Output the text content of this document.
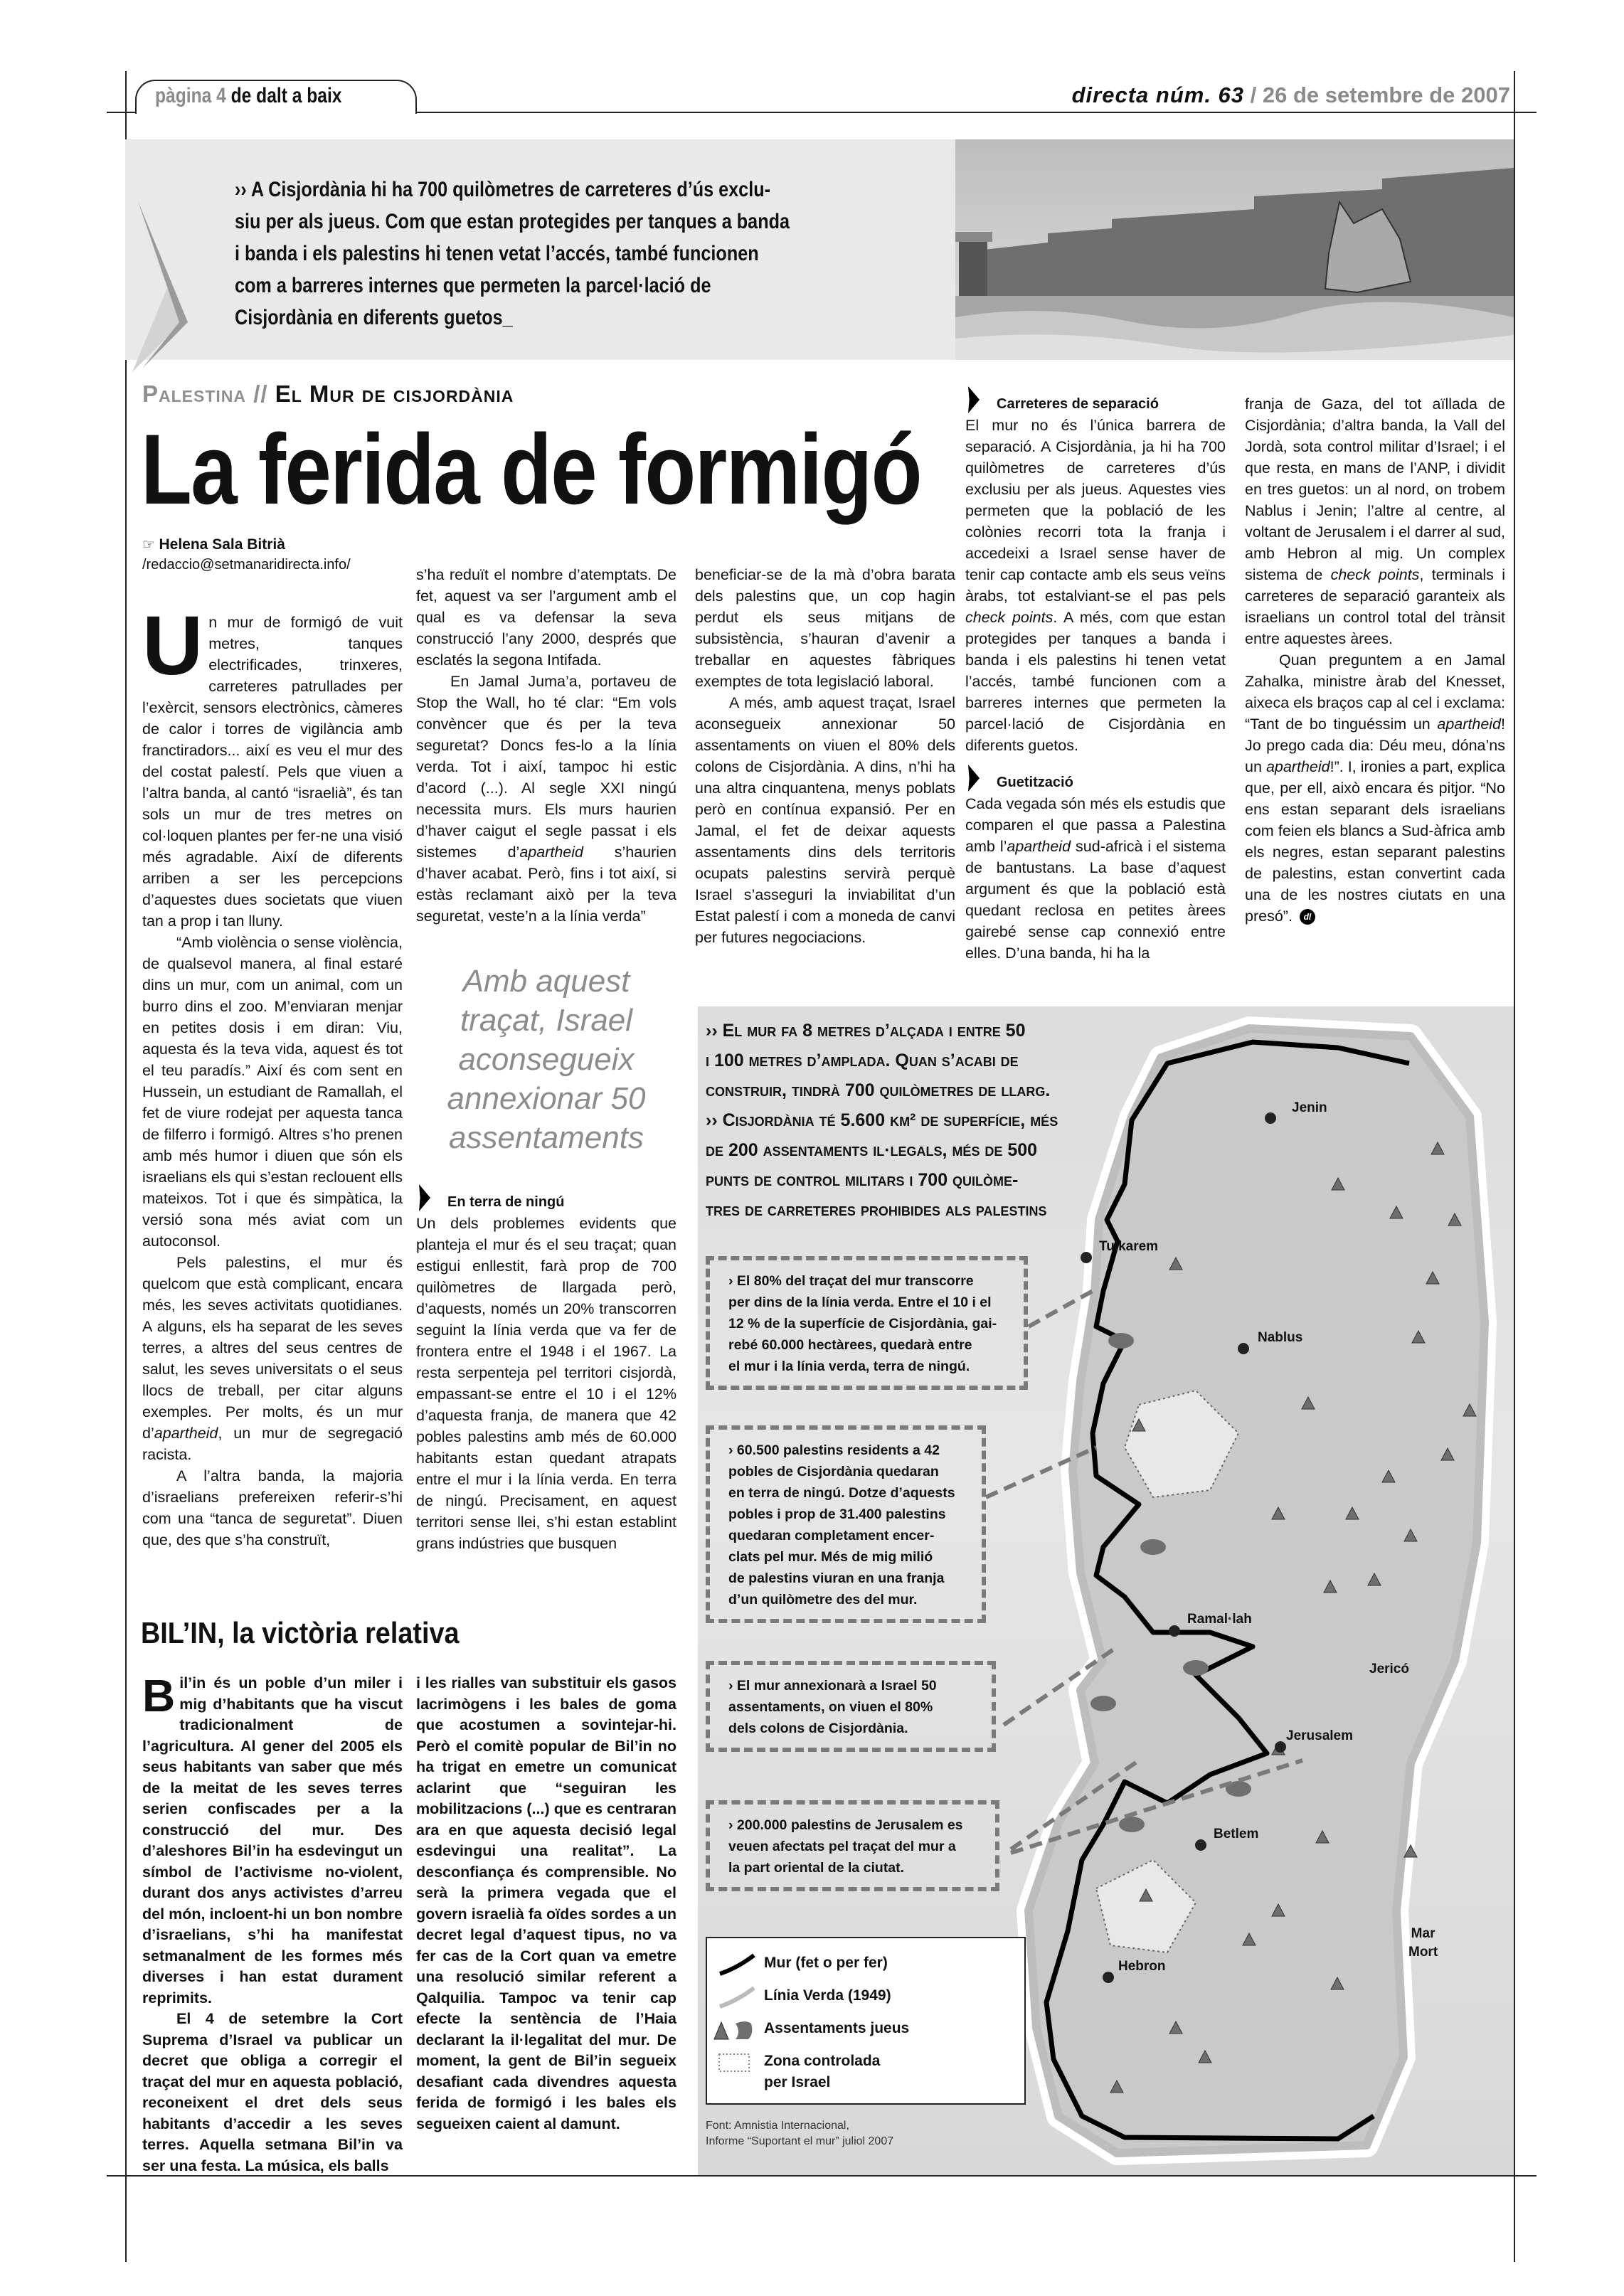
pàgina 4 de dalt a baix	directa núm. 63 / 26 de setembre de 2007
›› A Cisjordània hi ha 700 quilòmetres de carreteres d’ús exclu-
siu per als jueus. Com que estan protegides per tanques a banda
i banda i els palestins hi tenen vetat l’accés, també funcionen
com a barreres internes que permeten la parcel·lació de
Cisjordània en diferents guetos_
Palestina // El Mur de cisjordània
La ferida de formigó
☞ Helena Sala Bitrià
/redaccio@setmanaridirecta.info/

Un mur de formigó de vuit metres, tanques electrificades, trinxeres, carreteres patrullades per l’exèrcit, sensors electrònics, càmeres de calor i torres de vigilància amb franctiradors... així es veu el mur des del costat palestí. Pels que viuen a l’altra banda, al cantó “israelià”, és tan sols un mur de tres metres on col·loquen plantes per fer-ne una visió més agradable. Així de diferents arriben a ser les percepcions d’aquestes dues societats que viuen tan a prop i tan lluny.

“Amb violència o sense violència, de qualsevol manera, al final estaré dins un mur, com un animal, com un burro dins el zoo. M’enviaran menjar en petites dosis i em diran: Viu, aquesta és la teva vida, aquest és tot el teu paradís.” Així és com sent en Hussein, un estudiant de Ramallah, el fet de viure rodejat per aquesta tanca de filferro i formigó. Altres s’ho prenen amb més humor i diuen que són els israelians els qui s’estan reclouent ells mateixos. Tot i que és simpàtica, la versió sona més aviat com un autoconsol.

Pels palestins, el mur és quelcom que està complicant, encara més, les seves activitats quotidianes. A alguns, els ha separat de les seves terres, a altres del seus centres de salut, les seves universitats o el seus llocs de treball, per citar alguns exemples. Per molts, és un mur d’apartheid, un mur de segregació racista.

A l’altra banda, la majoria d’israelians prefereixen referir-s’hi com una “tanca de seguretat”. Diuen que, des que s’ha construït,

s’ha reduït el nombre d’atemptats. De fet, aquest va ser l’argument amb el qual es va defensar la seva construcció l’any 2000, després que esclatés la segona Intifada.

En Jamal Juma’a, portaveu de Stop the Wall, ho té clar: “Em vols convèncer que és per la teva seguretat? Doncs fes-lo a la línia verda. Tot i així, tampoc hi estic d’acord (...). Al segle XXI ningú necessita murs. Els murs haurien d’haver caigut el segle passat i els sistemes d’apartheid s’haurien d’haver acabat. Però, fins i tot així, si estàs reclamant això per la teva seguretat, veste’n a la línia verda”

Amb aquest traçat, Israel aconsegueix annexionar 50 assentaments
En terra de ningú

Un dels problemes evidents que planteja el mur és el seu traçat; quan estigui enllestit, farà prop de 700 quilòmetres de llargada però, d’aquests, només un 20% transcorren seguint la línia verda que va fer de frontera entre el 1948 i el 1967. La resta serpenteja pel territori cisjordà, empassant-se entre el 10 i el 12% d’aquesta franja, de manera que 42 pobles palestins amb més de 60.000 habitants estan quedant atrapats entre el mur i la línia verda. En terra de ningú. Precisament, en aquest territori sense llei, s’hi estan establint grans indústries que busquen

beneficiar-se de la mà d’obra barata dels palestins que, un cop hagin perdut els seus mitjans de subsistència, s’hauran d’avenir a treballar en aquestes fàbriques exemptes de tota legislació laboral.

A més, amb aquest traçat, Israel aconsegueix annexionar 50 assentaments on viuen el 80% dels colons de Cisjordània. A dins, n’hi ha una altra cinquantena, menys poblats però en contínua expansió. Per en Jamal, el fet de deixar aquests assentaments dins dels territoris ocupats palestins servirà perquè Israel s’asseguri la inviabilitat d’un Estat palestí i com a moneda de canvi per futures negociacions.

Carreteres de separació

El mur no és l’única barrera de separació. A Cisjordània, ja hi ha 700 quilòmetres de carreteres d’ús exclusiu per als jueus. Aquestes vies permeten que la població de les colònies recorri tota la franja i accedeixi a Israel sense haver de tenir cap contacte amb els seus veïns àrabs, tot estalviant-se el pas pels check points. A més, com que estan protegides per tanques a banda i banda i els palestins hi tenen vetat l’accés, també funcionen com a barreres internes que permeten la parcel·lació de Cisjordània en diferents guetos.

Guetització

Cada vegada són més els estudis que comparen el que passa a Palestina amb l’apartheid sud-africà i el sistema de bantustans. La base d’aquest argument és que la població està quedant reclosa en petites àrees gairebé sense cap connexió entre elles. D’una banda, hi ha la

franja de Gaza, del tot aïllada de Cisjordània; d’altra banda, la Vall del Jordà, sota control militar d’Israel; i el que resta, en mans de l’ANP, i dividit en tres guetos: un al nord, on trobem Nablus i Jenin; l’altre al centre, al voltant de Jerusalem i el darrer al sud, amb Hebron al mig. Un complex sistema de check points, terminals i carreteres de separació garanteix als israelians un control total del trànsit entre aquestes àrees.

Quan preguntem a en Jamal Zahalka, ministre àrab del Knesset, aixeca els braços cap al cel i exclama: “Tant de bo tinguéssim un apartheid! Jo prego cada dia: Déu meu, dóna’ns un apartheid!”. I, ironies a part, explica que, per ell, això encara és pitjor. “No ens estan separant dels israelians com feien els blancs a Sud-àfrica amb els negres, estan separant palestins de palestins, estan convertint cada una de les nostres ciutats en una presó”. dl

BIL’IN, la victòria relativa

Bil’in és un poble d’un miler i mig d’habitants que ha viscut tradicionalment de l’agricultura. Al gener del 2005 els seus habitants van saber que més de la meitat de les seves terres serien confiscades per a la construcció del mur. Des d’aleshores Bil’in ha esdevingut un símbol de l’activisme no-violent, durant dos anys activistes d’arreu del món, incloent-hi un bon nombre d’israelians, s’hi ha manifestat setmanalment de les formes més diverses i han estat durament reprimits.

El 4 de setembre la Cort Suprema d’Israel va publicar un decret que obliga a corregir el traçat del mur en aquesta població, reconeixent el dret dels seus habitants d’accedir a les seves terres. Aquella setmana Bil’in va ser una festa. La música, els balls

i les rialles van substituir els gasos lacrimògens i les bales de goma que acostumen a sovintejar-hi. Però el comitè popular de Bil’in no ha trigat en emetre un comunicat aclarint que “seguiran les mobilitzacions (...) que es centraran ara en que aquesta decisió legal esdevingui una realitat”. La desconfiança és comprensible. No serà la primera vegada que el govern israelià fa oïdes sordes a un decret legal d’aquest tipus, no va fer cas de la Cort quan va emetre una resolució similar referent a Qalquilia. Tampoc va tenir cap efecte la sentència de l’Haia declarant la il·legalitat del mur. De moment, la gent de Bil’in segueix desafiant cada divendres aquesta ferida de formigó i les bales els segueixen caient al damunt.

›› El mur fa 8 metres d’alçada i entre 50
i 100 metres d’amplada. Quan s’acabi de
construir, tindrà 700 quilòmetres de llarg.
›› Cisjordània té 5.600 km² de superfície, més
de 200 assentaments il·legals, més de 500
punts de control militars i 700 quilòme-
tres de carreteres prohibides als palestins
› El 80% del traçat del mur transcorre
per dins de la línia verda. Entre el 10 i el
12 % de la superfície de Cisjordània, gai-
rebé 60.000 hectàrees, quedarà entre
el mur i la línia verda, terra de ningú.
› 60.500 palestins residents a 42
pobles de Cisjordània quedaran
en terra de ningú. Dotze d’aquests
pobles i prop de 31.400 palestins
quedaran completament encer-
clats pel mur. Més de mig milió
de palestins viuran en una franja
d’un quilòmetre des del mur.
› El mur annexionarà a Israel 50
assentaments, on viuen el 80%
dels colons de Cisjordània.
› 200.000 palestins de Jerusalem es
veuen afectats pel traçat del mur a
la part oriental de la ciutat.
Jenin
Tulkarem
Nablus
Ramal·lah
Jericó
Jerusalem
Betlem
Hebron
Mar
Mort
Mur (fet o per fer)
Línia Verda (1949)
Assentaments jueus
Zona controlada
per Israel
Font: Amnistia Internacional,
Informe “Suportant el mur” juliol 2007
